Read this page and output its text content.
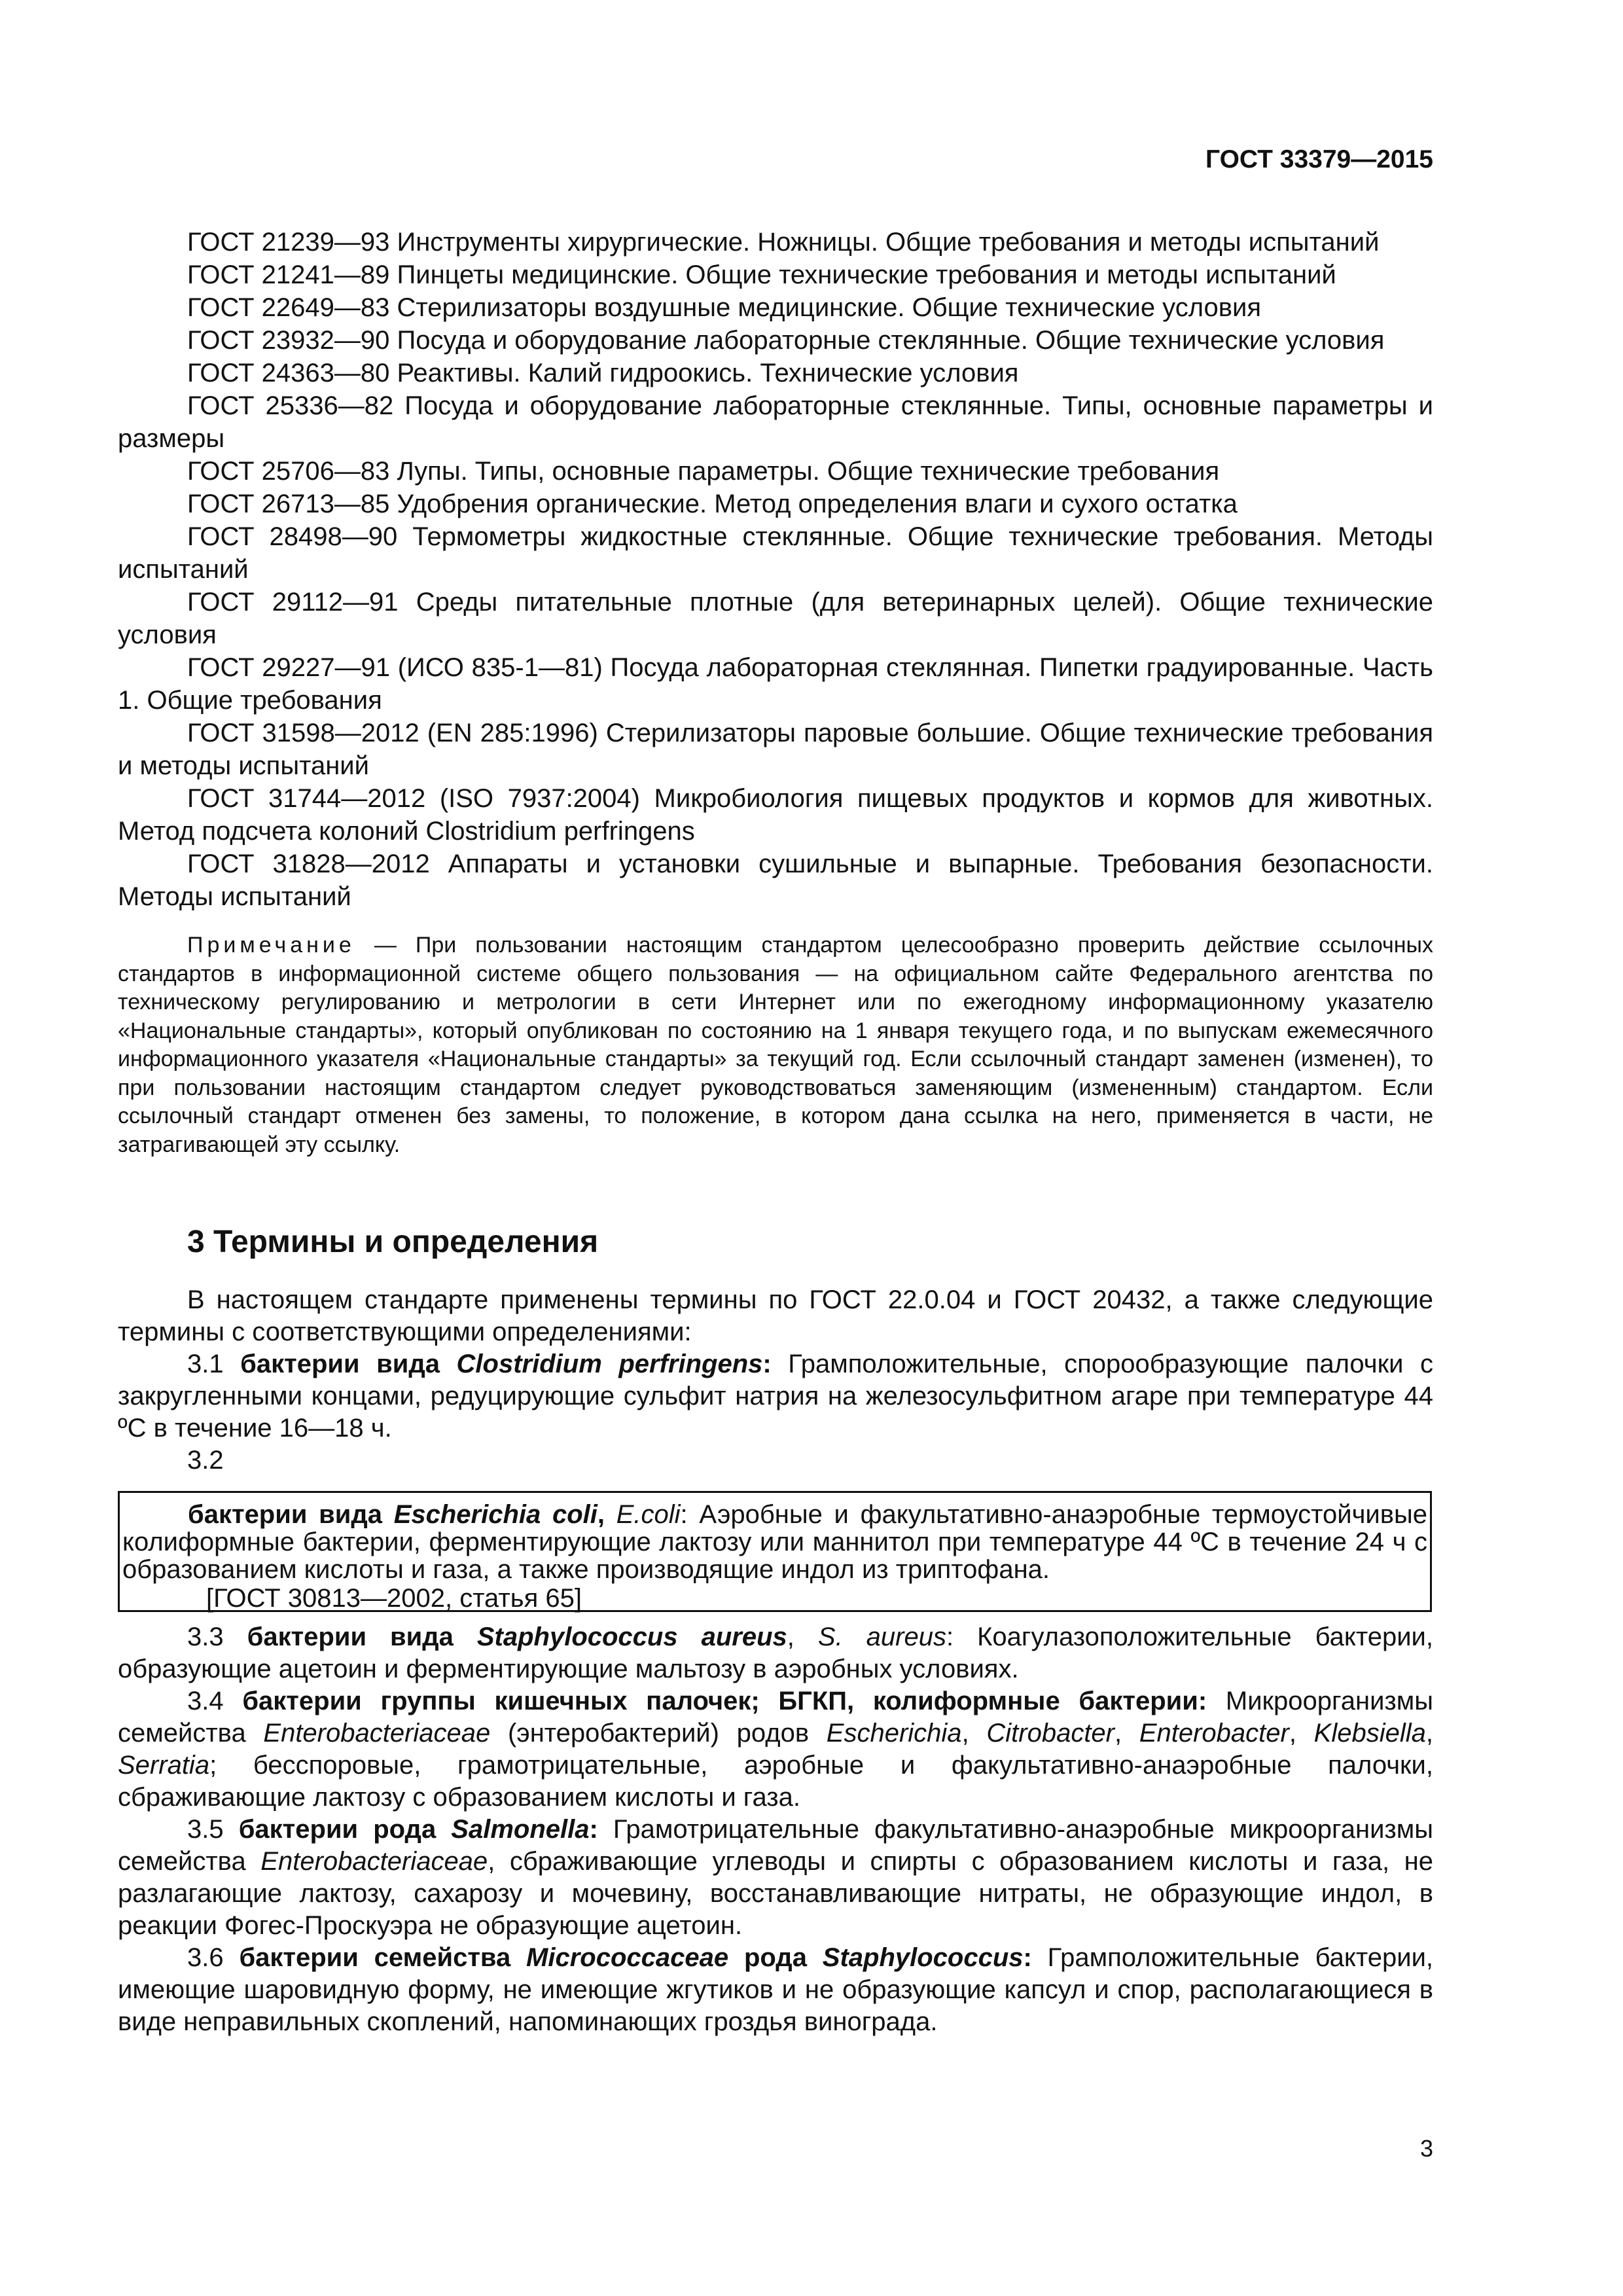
ГОСТ 33379—2015

ГОСТ 21239—93 Инструменты хирургические. Ножницы. Общие требования и методы испытаний

ГОСТ 21241—89 Пинцеты медицинские. Общие технические требования и методы испытаний

ГОСТ 22649—83 Стерилизаторы воздушные медицинские. Общие технические условия

ГОСТ 23932—90 Посуда и оборудование лабораторные стеклянные. Общие технические условия

ГОСТ 24363—80 Реактивы. Калий гидроокись. Технические условия

ГОСТ 25336—82 Посуда и оборудование лабораторные стеклянные. Типы, основные параметры и размеры

ГОСТ 25706—83 Лупы. Типы, основные параметры. Общие технические требования

ГОСТ 26713—85 Удобрения органические. Метод определения влаги и сухого остатка

ГОСТ 28498—90 Термометры жидкостные стеклянные. Общие технические требования. Методы испытаний

ГОСТ 29112—91 Среды питательные плотные (для ветеринарных целей). Общие технические условия

ГОСТ 29227—91 (ИСО 835-1—81) Посуда лабораторная стеклянная. Пипетки градуированные. Часть 1. Общие требования

ГОСТ 31598—2012 (EN 285:1996) Стерилизаторы паровые большие. Общие технические требования и методы испытаний

ГОСТ 31744—2012 (ISO 7937:2004) Микробиология пищевых продуктов и кормов для животных. Метод подсчета колоний Clostridium perfringens

ГОСТ 31828—2012 Аппараты и установки сушильные и выпарные. Требования безопасности. Методы испытаний

Примечание — При пользовании настоящим стандартом целесообразно проверить действие ссылочных стандартов в информационной системе общего пользования — на официальном сайте Федерального агентства по техническому регулированию и метрологии в сети Интернет или по ежегодному информационному указателю «Национальные стандарты», который опубликован по состоянию на 1 января текущего года, и по выпускам ежемесячного информационного указателя «Национальные стандарты» за текущий год. Если ссылочный стандарт заменен (изменен), то при пользовании настоящим стандартом следует руководствоваться заменяющим (измененным) стандартом. Если ссылочный стандарт отменен без замены, то положение, в котором дана ссылка на него, применяется в части, не затрагивающей эту ссылку.

3 Термины и определения

В настоящем стандарте применены термины по ГОСТ 22.0.04 и ГОСТ 20432, а также следующие термины с соответствующими определениями:

3.1 бактерии вида Clostridium perfringens: Грамположительные, спорообразующие палочки с закругленными концами, редуцирующие сульфит натрия на железосульфитном агаре при температуре 44 ºС в течение 16—18 ч.

3.2

бактерии вида Escherichia coli, E.coli: Аэробные и факультативно-анаэробные термоустойчивые колиформные бактерии, ферментирующие лактозу или маннитол при температуре 44 ºС в течение 24 ч с образованием кислоты и газа, а также производящие индол из триптофана.

[ГОСТ 30813—2002, статья 65]

3.3 бактерии вида Staphylococcus aureus, S. aureus: Коагулазоположительные бактерии, образующие ацетоин и ферментирующие мальтозу в аэробных условиях.

3.4 бактерии группы кишечных палочек; БГКП, колиформные бактерии: Микроорганизмы семейства Enterobacteriaceae (энтеробактерий) родов Escherichia, Citrobacter, Enterobacter, Klebsiella, Serratia; бесспоровые, грамотрицательные, аэробные и факультативно-анаэробные палочки, сбраживающие лактозу с образованием кислоты и газа.

3.5 бактерии рода Salmonella: Грамотрицательные факультативно-анаэробные микроорганизмы семейства Enterobacteriaceae, сбраживающие углеводы и спирты с образованием кислоты и газа, не разлагающие лактозу, сахарозу и мочевину, восстанавливающие нитраты, не образующие индол, в реакции Фогес-Проскуэра не образующие ацетоин.

3.6 бактерии семейства Micrococcaceae рода Staphylococcus: Грамположительные бактерии, имеющие шаровидную форму, не имеющие жгутиков и не образующие капсул и спор, располагающиеся в виде неправильных скоплений, напоминающих гроздья винограда.

3
